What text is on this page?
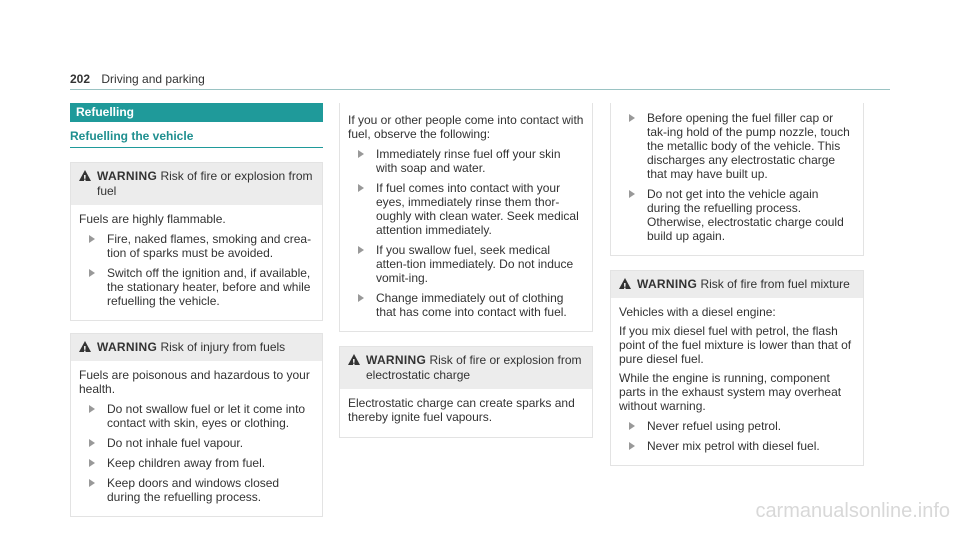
202 Driving and parking
Refuelling
Refuelling the vehicle
!
WARNING Risk of fire or explosion from fuel
Fuels are highly flammable.
Fire, naked flames, smoking and crea-tion of sparks must be avoided.
Switch off the ignition and, if available, the stationary heater, before and while refuelling the vehicle.
!
WARNING Risk of injury from fuels
Fuels are poisonous and hazardous to your health.
Do not swallow fuel or let it come into contact with skin, eyes or clothing.
Do not inhale fuel vapour.
Keep children away from fuel.
Keep doors and windows closed during the refuelling process.
If you or other people come into contact with fuel, observe the following:
Immediately rinse fuel off your skin with soap and water.
If fuel comes into contact with your eyes, immediately rinse them thor-oughly with clean water. Seek medical attention immediately.
If you swallow fuel, seek medical atten-tion immediately. Do not induce vomit-ing.
Change immediately out of clothing that has come into contact with fuel.
!
WARNING Risk of fire or explosion from electrostatic charge
Electrostatic charge can create sparks and thereby ignite fuel vapours.
Before opening the fuel filler cap or tak-ing hold of the pump nozzle, touch the metallic body of the vehicle. This discharges any electrostatic charge that may have built up.
Do not get into the vehicle again during the refuelling process. Otherwise, electrostatic charge could build up again.
!
WARNING Risk of fire from fuel mixture
Vehicles with a diesel engine:
If you mix diesel fuel with petrol, the flash point of the fuel mixture is lower than that of pure diesel fuel.
While the engine is running, component parts in the exhaust system may overheat without warning.
Never refuel using petrol.
Never mix petrol with diesel fuel.
carmanualsonline.info
